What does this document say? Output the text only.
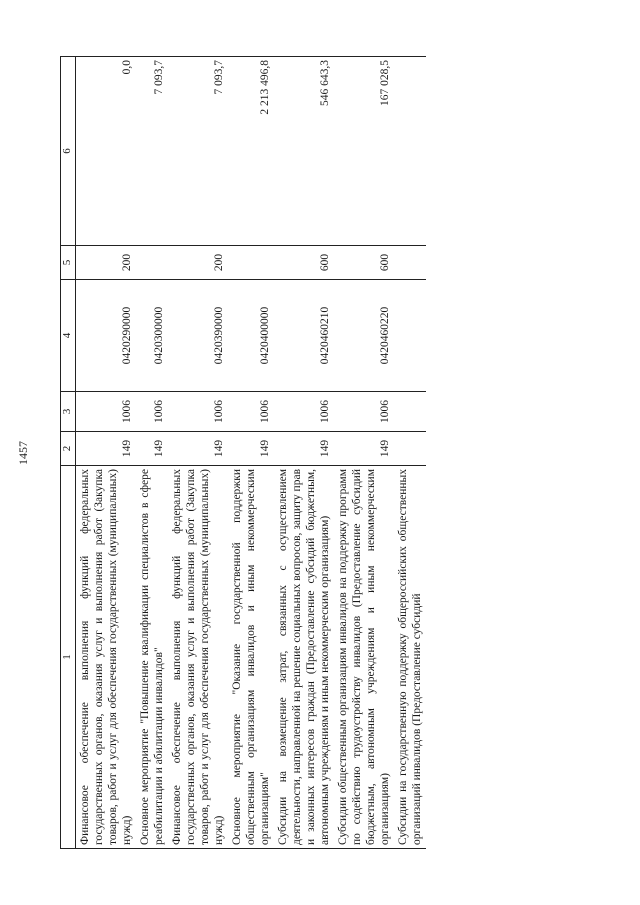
1457
1	2	3	4	5	6
Финансовое обеспечение выполнения функций федеральных государственных органов, оказания услуг и выполнения работ (Закупка товаров, работ и услуг для обеспечения государственных (муниципальных) нужд)	149	1006	0420290000	200	0,0
Основное мероприятие "Повышение квалификации специалистов в сфере реабилитации и абилитации инвалидов"	149	1006	0420300000		7 093,7
Финансовое обеспечение выполнения функций федеральных государственных органов, оказания услуг и выполнения работ (Закупка товаров, работ и услуг для обеспечения государственных (муниципальных) нужд)	149	1006	0420390000	200	7 093,7
Основное мероприятие "Оказание государственной поддержки общественным организациям инвалидов и иным некоммерческим организациям"	149	1006	0420400000		2 213 496,8
Субсидии на возмещение затрат, связанных с осуществлением деятельности, направленной на решение социальных вопросов, защиту прав и законных интересов граждан (Предоставление субсидий бюджетным, автономным учреждениям и иным некоммерческим организациям)	149	1006	0420460210	600	546 643,3
Субсидии общественным организациям инвалидов на поддержку программ по содействию трудоустройству инвалидов (Предоставление субсидий бюджетным, автономным учреждениям и иным некоммерческим организациям)	149	1006	0420460220	600	167 028,5
Субсидии на государственную поддержку общероссийских общественных организаций инвалидов (Предоставление субсидий					
